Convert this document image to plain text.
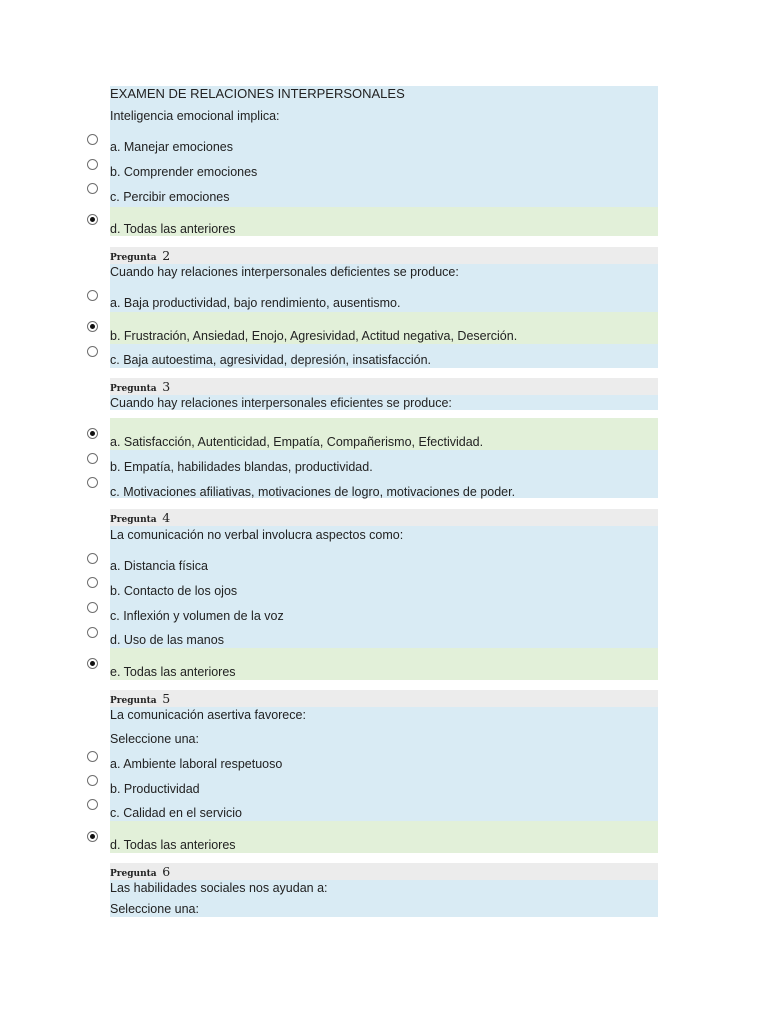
EXAMEN DE RELACIONES INTERPERSONALES
Inteligencia emocional implica:
a. Manejar emociones
b. Comprender emociones
c. Percibir emociones
d. Todas las anteriores
Pregunta 2
Cuando hay relaciones interpersonales deficientes se produce:
a. Baja productividad, bajo rendimiento, ausentismo.
b. Frustración, Ansiedad, Enojo, Agresividad, Actitud negativa, Deserción.
c. Baja autoestima, agresividad, depresión, insatisfacción.
Pregunta 3
Cuando hay relaciones interpersonales eficientes se produce:
a. Satisfacción, Autenticidad, Empatía, Compañerismo, Efectividad.
b. Empatía, habilidades blandas, productividad.
c. Motivaciones afiliativas, motivaciones de logro, motivaciones de poder.
Pregunta 4
La comunicación no verbal involucra aspectos como:
a. Distancia física
b. Contacto de los ojos
c. Inflexión y volumen de la voz
d. Uso de las manos
e. Todas las anteriores
Pregunta 5
La comunicación asertiva favorece:
Seleccione una:
a. Ambiente laboral respetuoso
b. Productividad
c. Calidad en el servicio
d. Todas las anteriores
Pregunta 6
Las habilidades sociales nos ayudan a:
Seleccione una:
